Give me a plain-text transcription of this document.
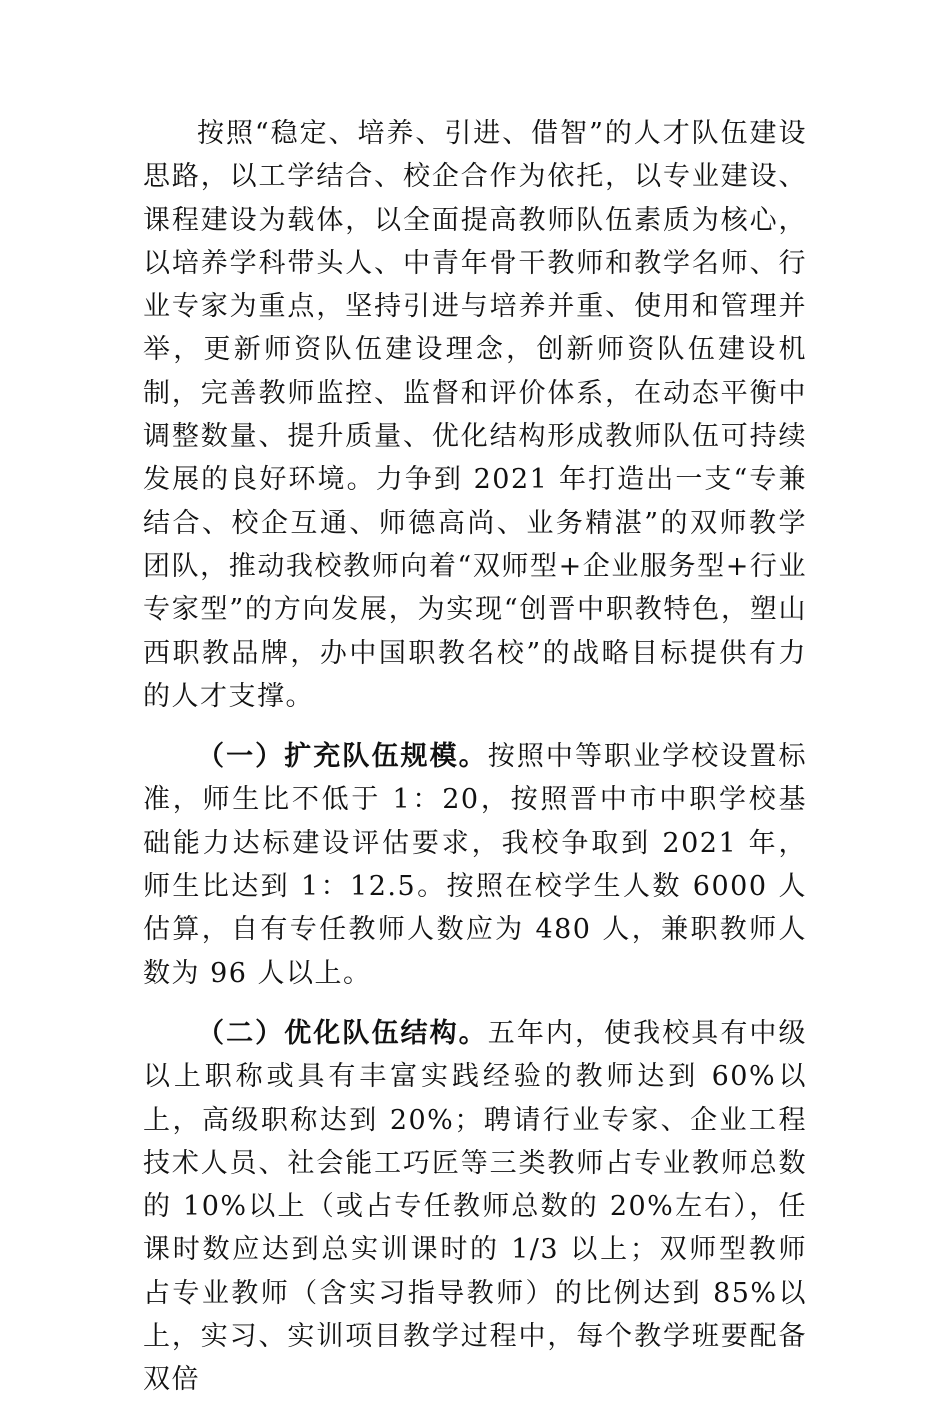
按照“稳定、培养、引进、借智”的人才队伍建设思路，以工学结合、校企合作为依托，以专业建设、课程建设为载体，以全面提高教师队伍素质为核心，以培养学科带头人、中青年骨干教师和教学名师、行业专家为重点，坚持引进与培养并重、使用和管理并举，更新师资队伍建设理念，创新师资队伍建设机制，完善教师监控、监督和评价体系，在动态平衡中调整数量、提升质量、优化结构形成教师队伍可持续发展的良好环境。力争到 2021 年打造出一支“专兼结合、校企互通、师德高尚、业务精湛”的双师教学团队，推动我校教师向着“双师型+企业服务型+行业专家型”的方向发展，为实现“创晋中职教特色，塑山西职教品牌，办中国职教名校”的战略目标提供有力的人才支撑。

（一）扩充队伍规模。按照中等职业学校设置标准，师生比不低于 1：20，按照晋中市中职学校基础能力达标建设评估要求，我校争取到 2021 年，师生比达到 1：12.5。按照在校学生人数 6000 人估算，自有专任教师人数应为 480 人，兼职教师人数为 96 人以上。

（二）优化队伍结构。五年内，使我校具有中级以上职称或具有丰富实践经验的教师达到 60%以上，高级职称达到 20%；聘请行业专家、企业工程技术人员、社会能工巧匠等三类教师占专业教师总数的 10%以上（或占专任教师总数的 20%左右），任课时数应达到总实训课时的 1/3 以上；双师型教师占专业教师（含实习指导教师）的比例达到 85%以上，实习、实训项目教学过程中，每个教学班要配备双倍
